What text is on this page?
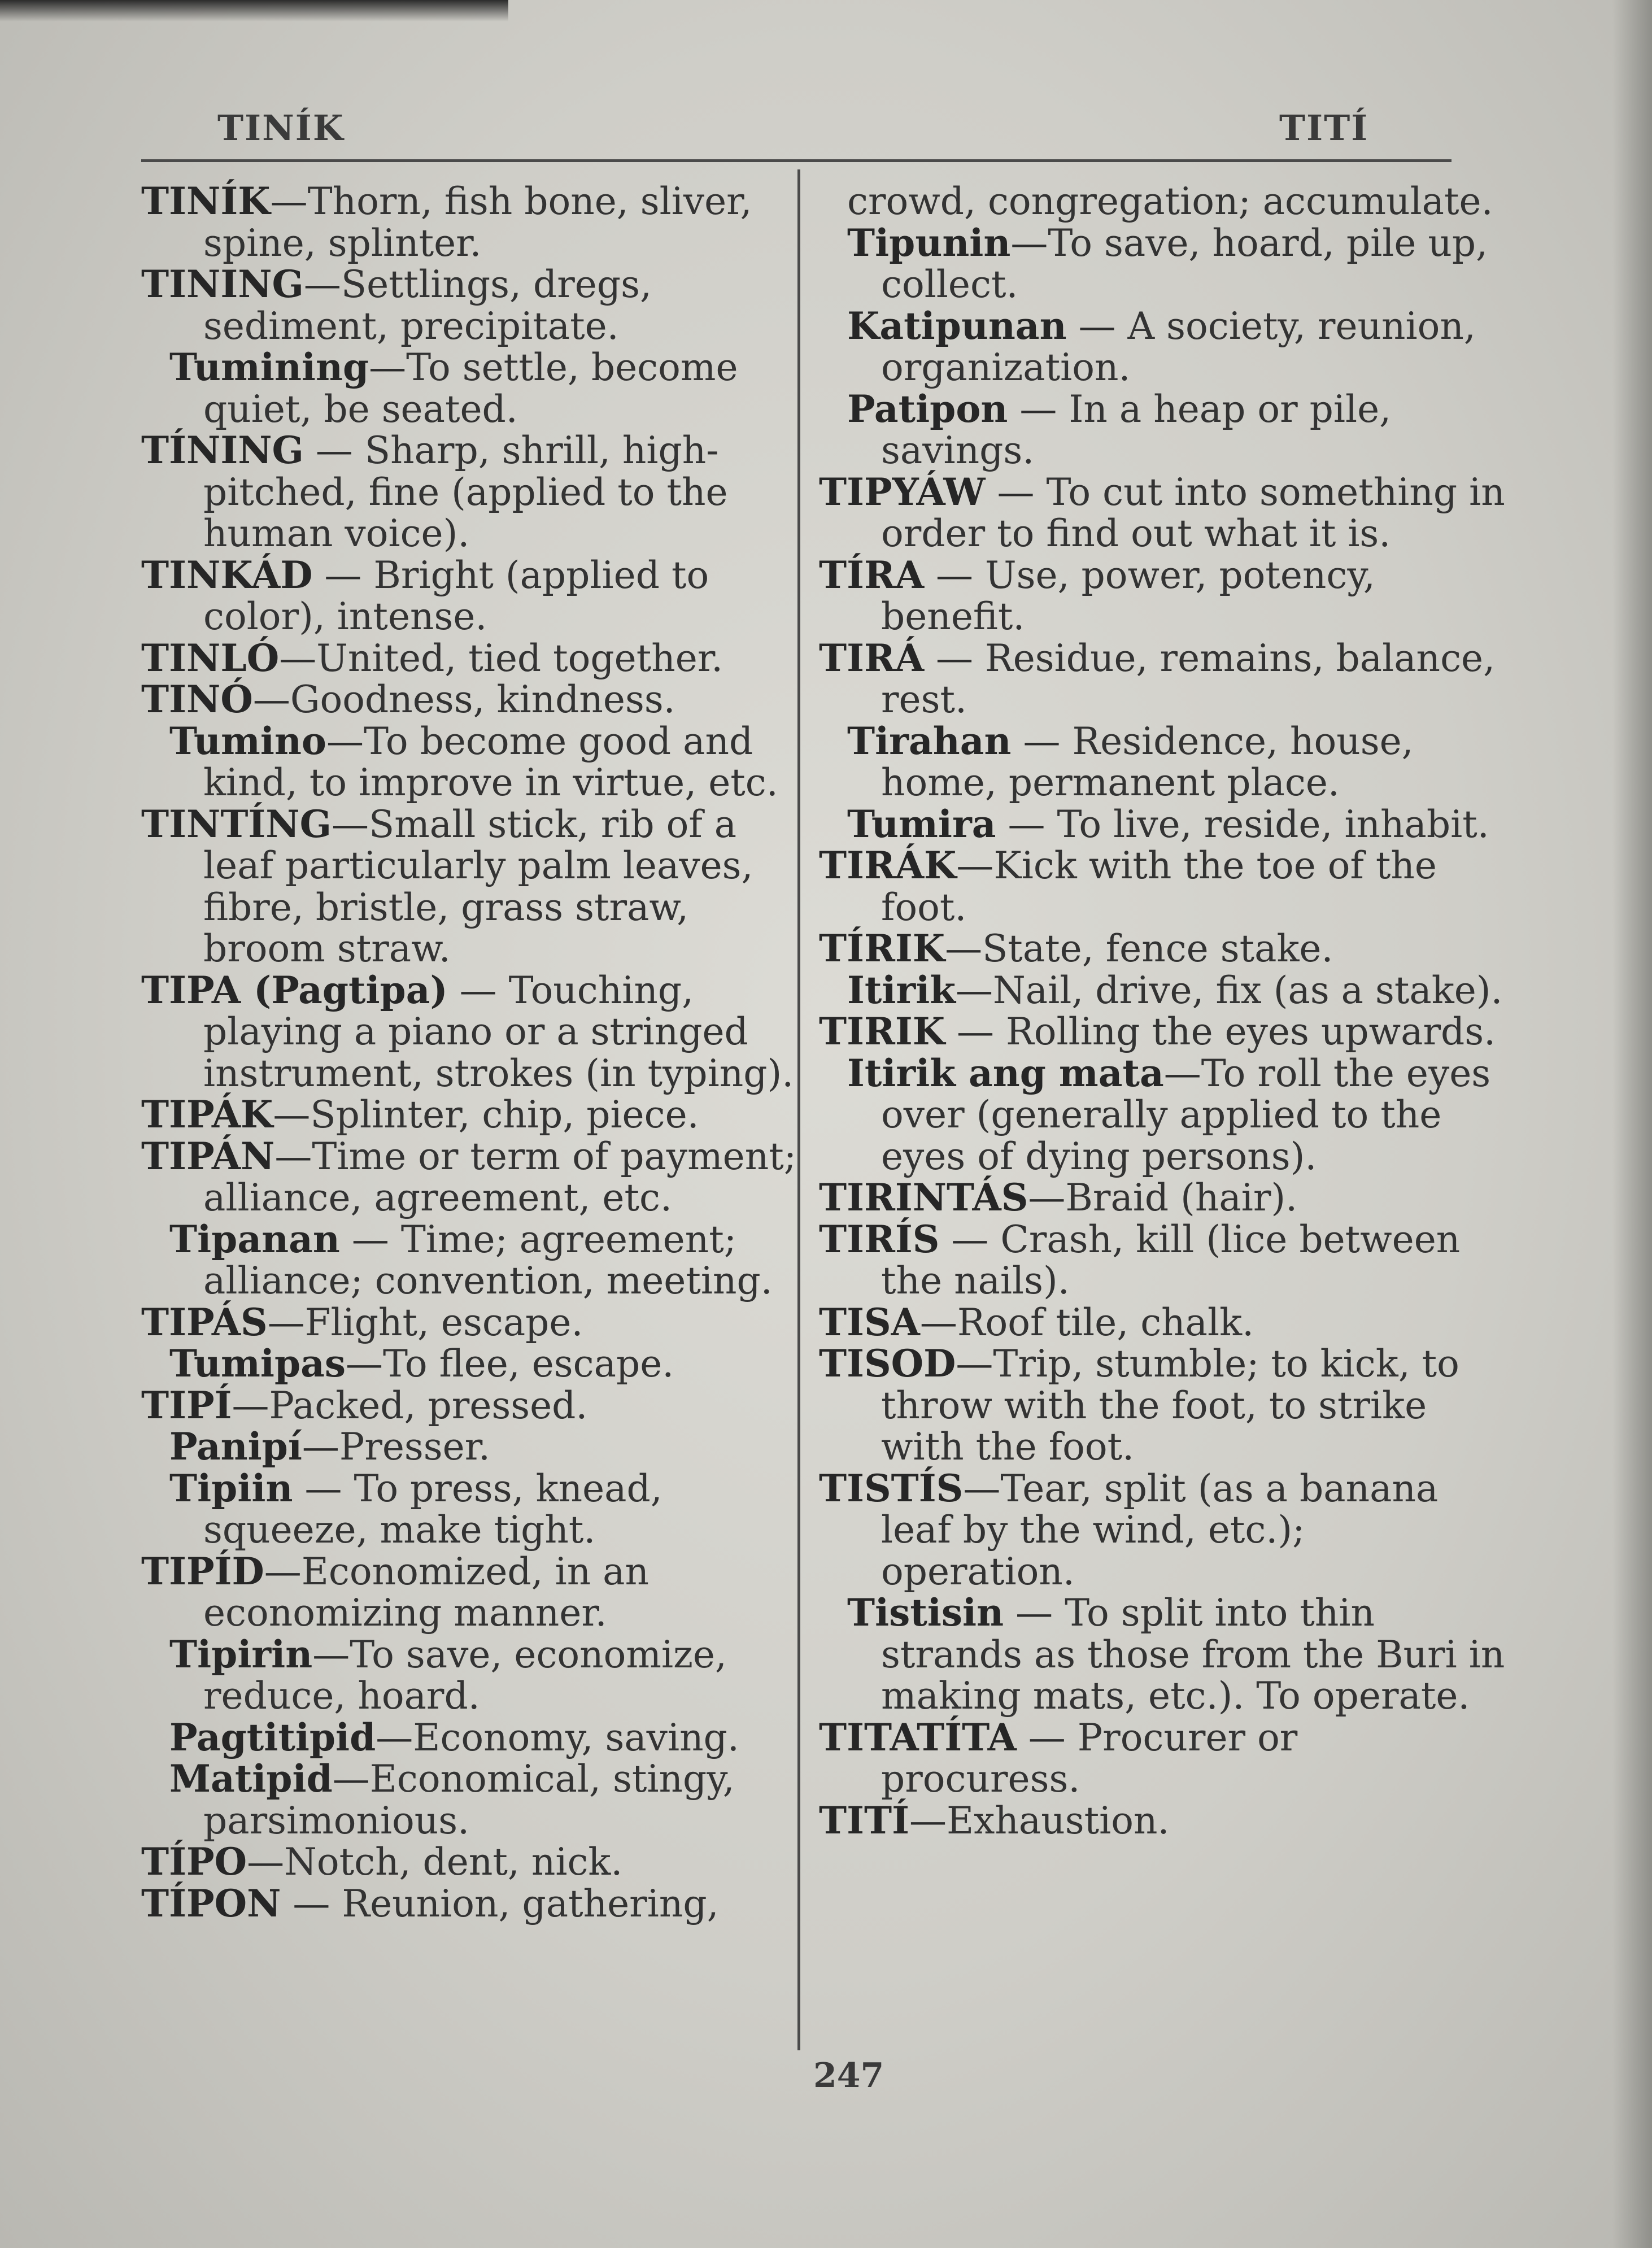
TINÍK	TITÍ

TINÍK—Thorn, fish bone, sliver, spine, splinter.

TINING—Settlings, dregs, sediment, precipitate.

Tumining—To settle, become quiet, be seated.

TÍNING — Sharp, shrill, high-pitched, fine (applied to the human voice).

TINKÁD — Bright (applied to color), intense.

TINLÓ—United, tied together.

TINÓ—Goodness, kindness.

Tumino—To become good and kind, to improve in virtue, etc.

TINTÍNG—Small stick, rib of a leaf particularly palm leaves, fibre, bristle, grass straw, broom straw.

TIPA (Pagtipa) — Touching, playing a piano or a stringed instrument, strokes (in typing).

TIPÁK—Splinter, chip, piece.

TIPÁN—Time or term of payment; alliance, agreement, etc.

Tipanan — Time; agreement; alliance; convention, meeting.

TIPÁS—Flight, escape.

Tumipas—To flee, escape.

TIPÍ—Packed, pressed.

Panipí—Presser.

Tipiin — To press, knead, squeeze, make tight.

TIPÍD—Economized, in an economizing manner.

Tipirin—To save, economize, reduce, hoard.

Pagtitipid—Economy, saving.

Matipid—Economical, stingy, parsimonious.

TÍPO—Notch, dent, nick.

TÍPON — Reunion, gathering,

crowd, congregation; accumulate.

Tipunin—To save, hoard, pile up, collect.

Katipunan — A society, reunion, organization.

Patipon — In a heap or pile, savings.

TIPYÁW — To cut into something in order to find out what it is.

TÍRA — Use, power, potency, benefit.

TIRÁ — Residue, remains, balance, rest.

Tirahan — Residence, house, home, permanent place.

Tumira — To live, reside, inhabit.

TIRÁK—Kick with the toe of the foot.

TÍRIK—State, fence stake.

Itirik—Nail, drive, fix (as a stake).

TIRIK — Rolling the eyes upwards.

Itirik ang mata—To roll the eyes over (generally applied to the eyes of dying persons).

TIRINTÁS—Braid (hair).

TIRÍS — Crash, kill (lice between the nails).

TISA—Roof tile, chalk.

TISOD—Trip, stumble; to kick, to throw with the foot, to strike with the foot.

TISTÍS—Tear, split (as a banana leaf by the wind, etc.); operation.

Tistisin — To split into thin strands as those from the Buri in making mats, etc.). To operate.

TITATÍTA — Procurer or procuress.

TITÍ—Exhaustion.

247
